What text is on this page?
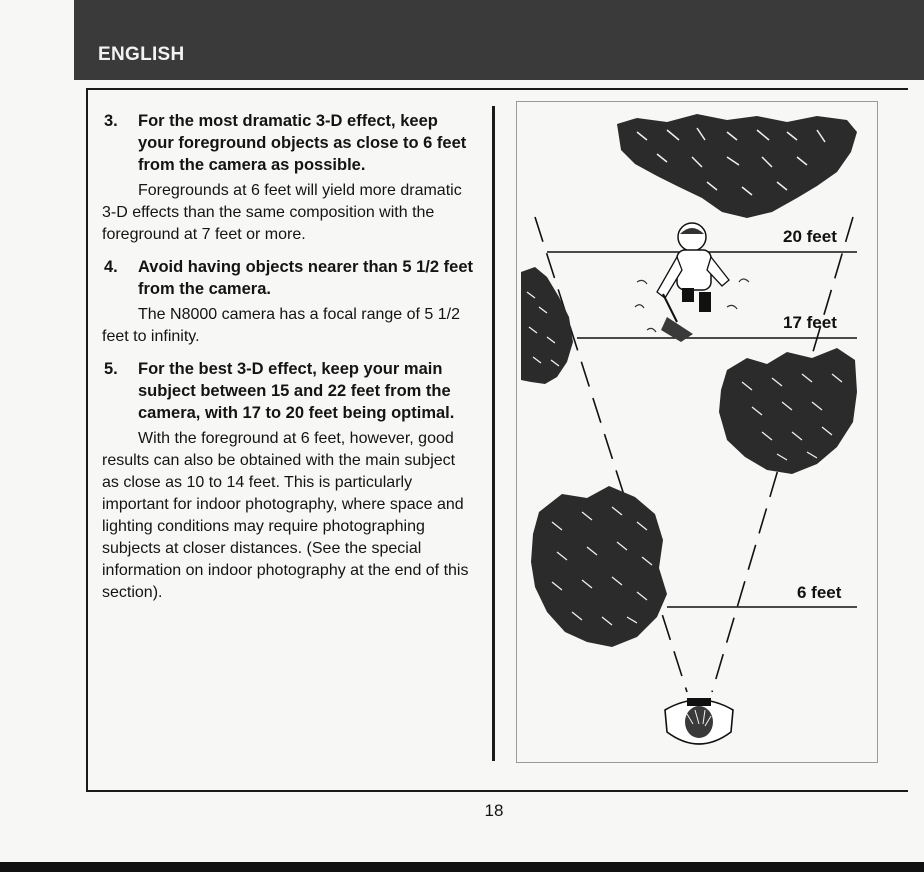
ENGLISH
3.	For the most dramatic 3-D effect, keep your foreground objects as close to 6 feet from the camera as possible.
Foregrounds at 6 feet will yield more dramatic 3-D effects than the same composition with the foreground at 7 feet or more.
4.	Avoid having objects nearer than 5 1/2 feet from the camera.
The N8000 camera has a focal range of 5 1/2 feet to infinity.
5.	For the best 3-D effect, keep your main subject between 15 and 22 feet from the camera, with 17 to 20 feet being optimal.
With the foreground at 6 feet, however, good results can also be obtained with the main subject as close as 10 to 14 feet. This is particularly important for indoor photography, where space and lighting conditions may require photographing subjects at closer distances. (See the special information on indoor photography at the end of this section).
20 feet
17 feet
6 feet
18
